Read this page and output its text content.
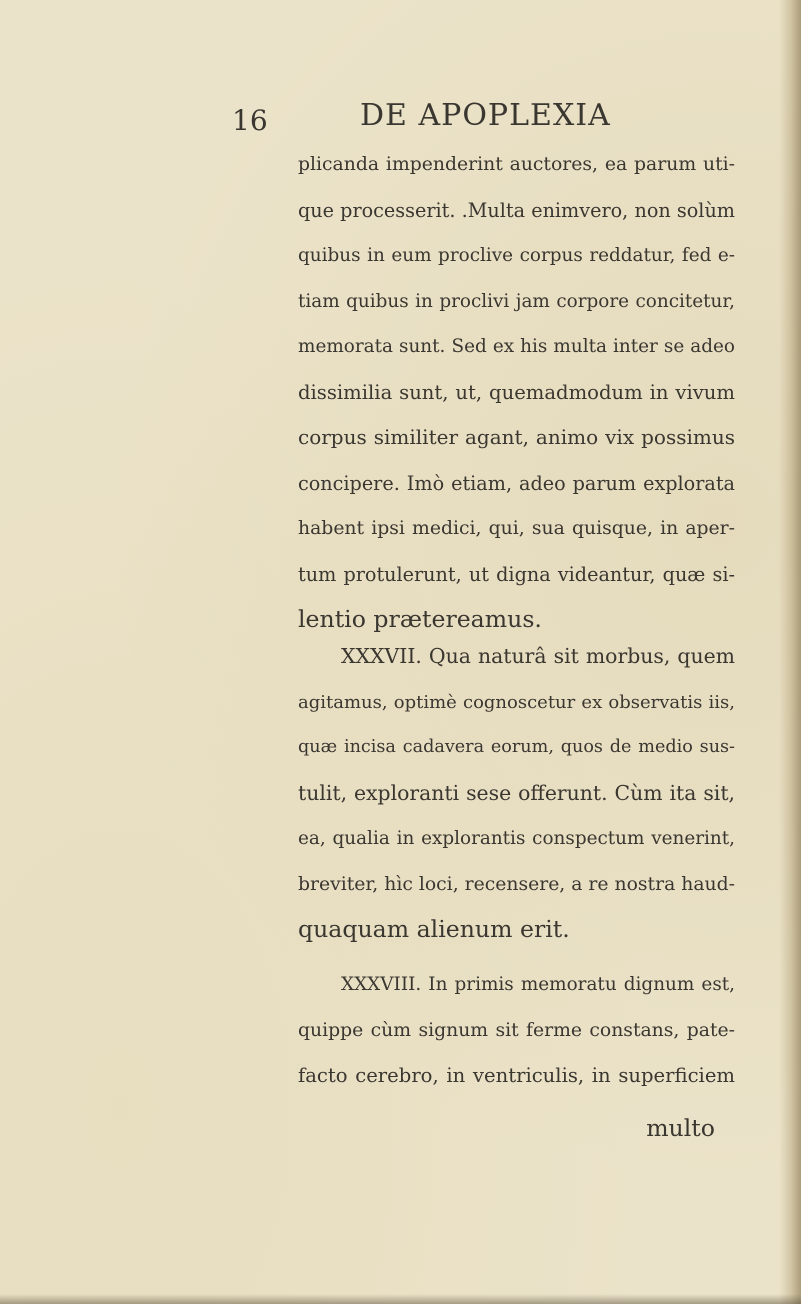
16	DE APOPLEXIA
plicanda impenderint auctores, ea parum uti-
que processerit. .Multa enimvero, non solùm
quibus in eum proclive corpus reddatur, fed e-
tiam quibus in proclivi jam corpore concitetur,
memorata sunt. Sed ex his multa inter se adeo
dissimilia sunt, ut, quemadmodum in vivum
corpus similiter agant, animo vix possimus
concipere. Imò etiam, adeo parum explorata
habent ipsi medici, qui, sua quisque, in aper-
tum protulerunt, ut digna videantur, quæ si-
lentio prætereamus.
XXXVII. Qua naturâ sit morbus, quem
agitamus, optimè cognoscetur ex observatis iis,
quæ incisa cadavera eorum, quos de medio sus-
tulit, exploranti sese offerunt. Cùm ita sit,
ea, qualia in explorantis conspectum venerint,
breviter, hìc loci, recensere, a re nostra haud-
quaquam alienum erit.
XXXVIII. In primis memoratu dignum est,
quippe cùm signum sit ferme constans, pate-
facto cerebro, in ventriculis, in superficiem
multo
